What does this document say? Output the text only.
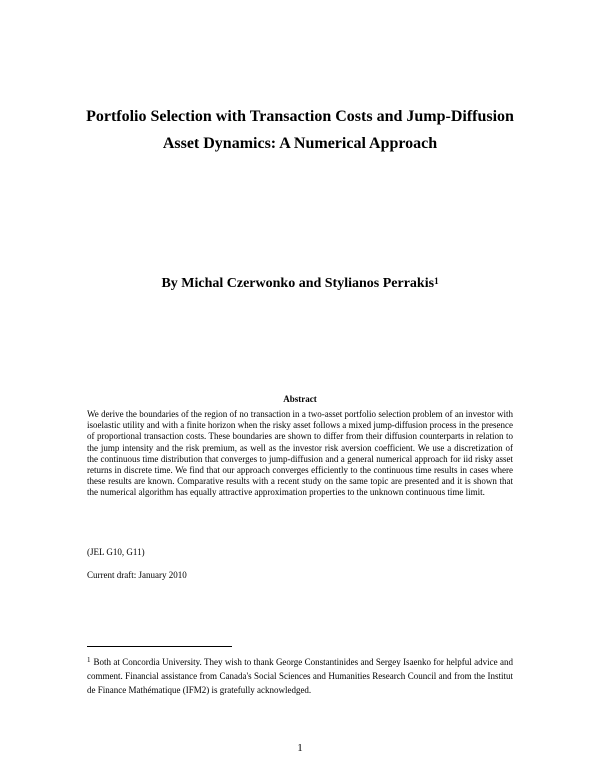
Portfolio Selection with Transaction Costs and Jump-Diffusion
Asset Dynamics: A Numerical Approach
By Michal Czerwonko and Stylianos Perrakis$^1$
Abstract
We derive the boundaries of the region of no transaction in a two-asset portfolio selection problem of an investor with isoelastic utility and with a finite horizon when the risky asset follows a mixed jump-diffusion process in the presence of proportional transaction costs. These boundaries are shown to differ from their diffusion counterparts in relation to the jump intensity and the risk premium, as well as the investor risk aversion coefficient. We use a discretization of the continuous time distribution that converges to jump-diffusion and a general numerical approach for iid risky asset returns in discrete time. We find that our approach converges efficiently to the continuous time results in cases where these results are known. Comparative results with a recent study on the same topic are presented and it is shown that the numerical algorithm has equally attractive approximation properties to the unknown continuous time limit.
(JEL G10, G11)
Current draft: January 2010
$^1$ Both at Concordia University. They wish to thank George Constantinides and Sergey Isaenko for helpful advice and comment. Financial assistance from Canada's Social Sciences and Humanities Research Council and from the Institut de Finance Mathématique (IFM2) is gratefully acknowledged.
1
